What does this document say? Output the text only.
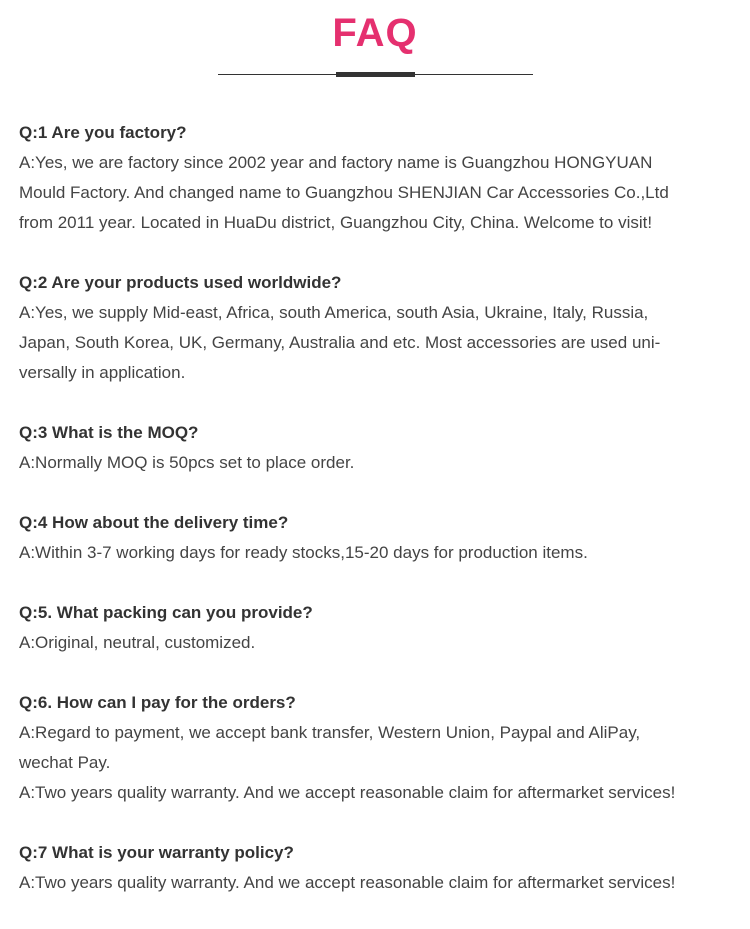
FAQ
Q:1 Are you factory?
A:Yes, we are factory since 2002 year and factory name is Guangzhou HONGYUAN
Mould Factory. And changed name to Guangzhou SHENJIAN Car Accessories Co.,Ltd
from 2011 year. Located in HuaDu district, Guangzhou City, China. Welcome to visit!
Q:2 Are your products used worldwide?
A:Yes, we supply Mid-east, Africa, south America, south Asia, Ukraine, Italy, Russia,
Japan, South Korea, UK, Germany, Australia and etc. Most accessories are used uni-
versally in application.
Q:3 What is the MOQ?
A:Normally MOQ is 50pcs set to place order.
Q:4 How about the delivery time?
A:Within 3-7 working days for ready stocks,15-20 days for production items.
Q:5. What packing can you provide?
A:Original, neutral, customized.
Q:6. How can I pay for the orders?
A:Regard to payment, we accept bank transfer, Western Union, Paypal and AliPay,
wechat Pay.
A:Two years quality warranty. And we accept reasonable claim for aftermarket services!
Q:7 What is your warranty policy?
A:Two years quality warranty. And we accept reasonable claim for aftermarket services!
